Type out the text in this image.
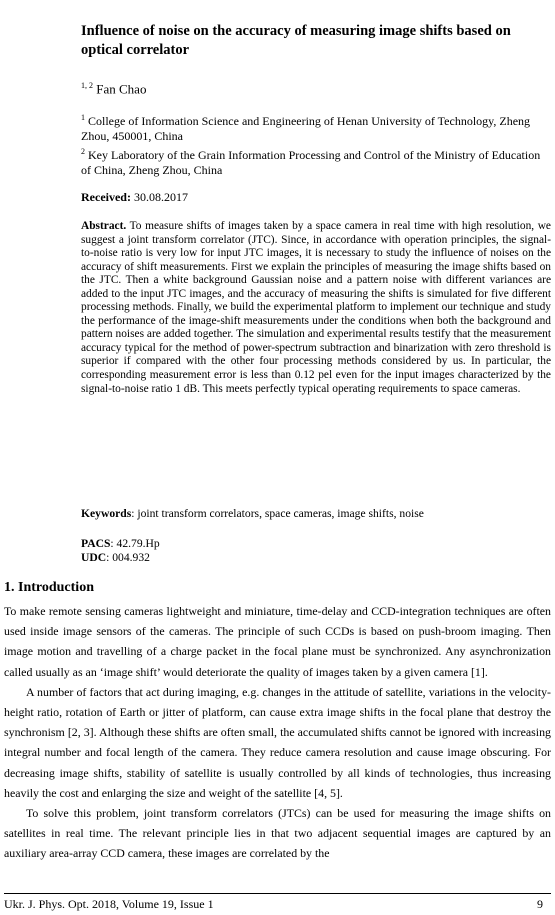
Influence of noise on the accuracy of measuring image shifts based on optical correlator
$^{1, 2}$ Fan Chao

$^1$ College of Information Science and Engineering of Henan University of Technology, Zheng Zhou, 450001, China

$^2$ Key Laboratory of the Grain Information Processing and Control of the Ministry of Education of China, Zheng Zhou, China

Received: 30.08.2017

Abstract. To measure shifts of images taken by a space camera in real time with high resolution, we suggest a joint transform correlator (JTC). Since, in accordance with operation principles, the signal-to-noise ratio is very low for input JTC images, it is necessary to study the influence of noises on the accuracy of shift measurements. First we explain the principles of measuring the image shifts based on the JTC. Then a white background Gaussian noise and a pattern noise with different variances are added to the input JTC images, and the accuracy of measuring the shifts is simulated for five different processing methods. Finally, we build the experimental platform to implement our technique and study the performance of the image-shift measurements under the conditions when both the background and pattern noises are added together. The simulation and experimental results testify that the measurement accuracy typical for the method of power-spectrum subtraction and binarization with zero threshold is superior if compared with the other four processing methods considered by us. In particular, the corresponding measurement error is less than 0.12 pel even for the input images characterized by the signal-to-noise ratio 1 dB. This meets perfectly typical operating requirements to space cameras.

Keywords: joint transform correlators, space cameras, image shifts, noise
PACS: 42.79.Hp
UDC: 004.932
1. Introduction

To make remote sensing cameras lightweight and miniature, time-delay and CCD-integration techniques are often used inside image sensors of the cameras. The principle of such CCDs is based on push-broom imaging. Then image motion and travelling of a charge packet in the focal plane must be synchronized. Any asynchronization called usually as an ‘image shift’ would deteriorate the quality of images taken by a given camera [1].

A number of factors that act during imaging, e.g. changes in the attitude of satellite, variations in the velocity-height ratio, rotation of Earth or jitter of platform, can cause extra image shifts in the focal plane that destroy the synchronism [2, 3]. Although these shifts are often small, the accumulated shifts cannot be ignored with increasing integral number and focal length of the camera. They reduce camera resolution and cause image obscuring. For decreasing image shifts, stability of satellite is usually controlled by all kinds of technologies, thus increasing heavily the cost and enlarging the size and weight of the satellite [4, 5].

To solve this problem, joint transform correlators (JTCs) can be used for measuring the image shifts on satellites in real time. The relevant principle lies in that two adjacent sequential images are captured by an auxiliary area-array CCD camera, these images are correlated by the

Ukr. J. Phys. Opt. 2018, Volume 19, Issue 1	9
